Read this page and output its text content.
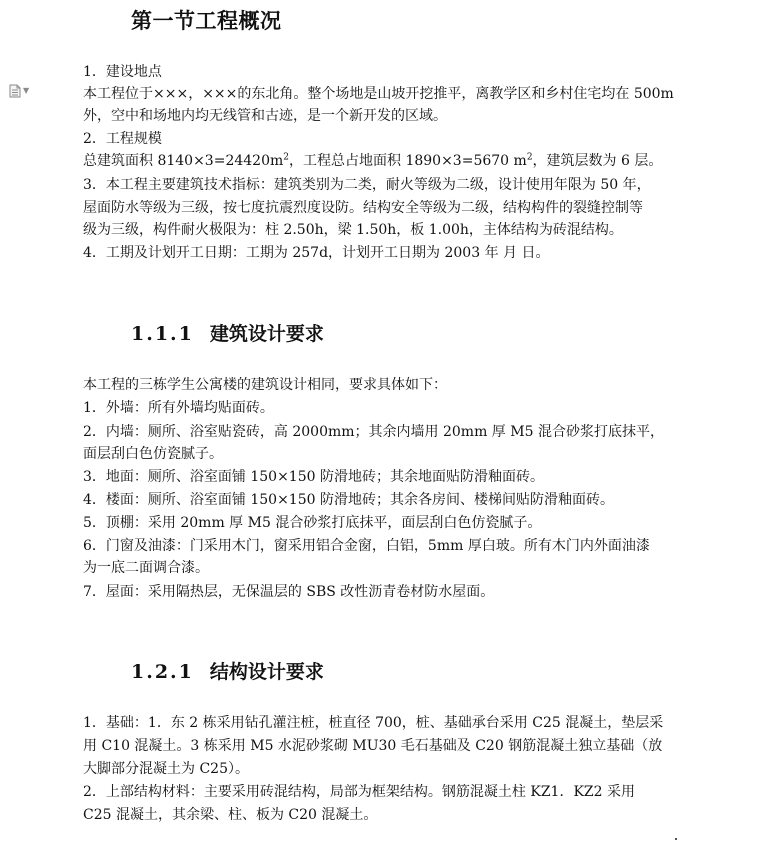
▼
第一节工程概况
1．建设地点
本工程位于×××，×××的东北角。整个场地是山坡开挖推平，离教学区和乡村住宅均在 500m
外，空中和场地内均无线管和古迹，是一个新开发的区域。
2．工程规模
总建筑面积 $8140\times 3=24420m^2$，工程总占地面积 1890×3=5670 $m^2$，建筑层数为 6 层。
3．本工程主要建筑技术指标：建筑类别为二类，耐火等级为二级，设计使用年限为 50 年，
屋面防水等级为三级，按七度抗震烈度设防。结构安全等级为二级，结构构件的裂缝控制等
级为三级，构件耐火极限为：柱 2.50h，梁 1.50h，板 1.00h，主体结构为砖混结构。
4．工期及计划开工日期：工期为 257d，计划开工日期为 2003 年 月 日。
1.1.1 建筑设计要求
本工程的三栋学生公寓楼的建筑设计相同，要求具体如下：
1．外墙：所有外墙均贴面砖。
2．内墙：厕所、浴室贴瓷砖，高 2000mm；其余内墙用 20mm 厚 M5 混合砂浆打底抹平，
面层刮白色仿瓷腻子。
3．地面：厕所、浴室面铺 150×150 防滑地砖；其余地面贴防滑釉面砖。
4．楼面：厕所、浴室面铺 150×150 防滑地砖；其余各房间、楼梯间贴防滑釉面砖。
5．顶棚：采用 20mm 厚 M5 混合砂浆打底抹平，面层刮白色仿瓷腻子。
6．门窗及油漆：门采用木门，窗采用铝合金窗，白铝，5mm 厚白玻。所有木门内外面油漆
为一底二面调合漆。
7．屋面：采用隔热层，无保温层的 SBS 改性沥青卷材防水屋面。
1.2.1 结构设计要求
1．基础：1．东 2 栋采用钻孔灌注桩，桩直径 700，桩、基础承台采用 C25 混凝土，垫层采
用 C10 混凝土。3 栋采用 M5 水泥砂浆砌 MU30 毛石基础及 C20 钢筋混凝土独立基础（放
大脚部分混凝土为 C25）。
2．上部结构材料：主要采用砖混结构，局部为框架结构。钢筋混凝土柱 KZ1．KZ2 采用
C25 混凝土，其余梁、柱、板为 C20 混凝土。
